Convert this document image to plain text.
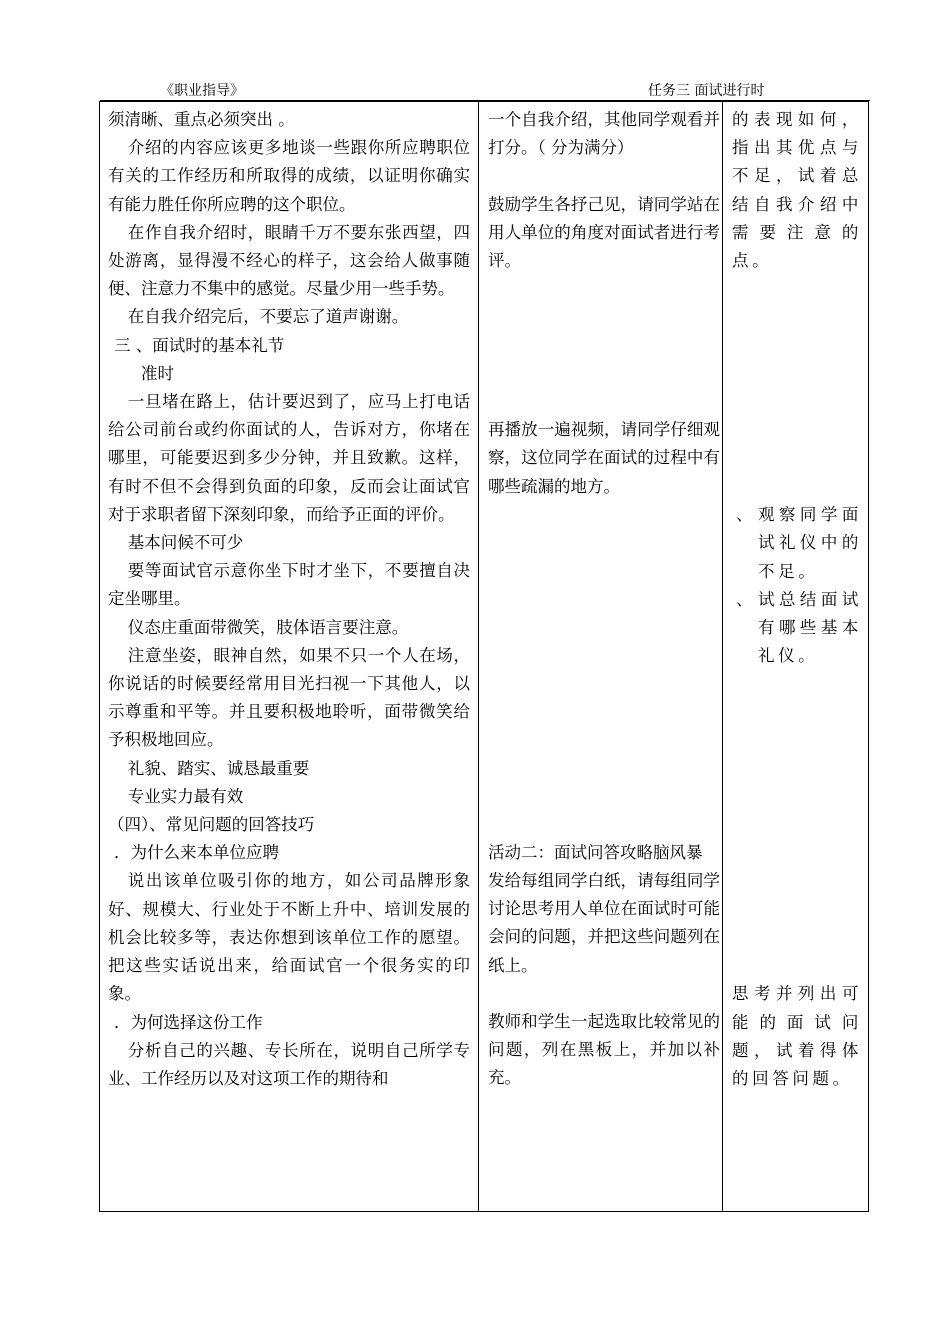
《职业指导》	任务三 面试进行时

须清晰、重点必须突出 。

介绍的内容应该更多地谈一些跟你所应聘职位有关的工作经历和所取得的成绩，以证明你确实有能力胜任你所应聘的这个职位。

在作自我介绍时，眼睛千万不要东张西望，四处游离，显得漫不经心的样子，这会给人做事随便、注意力不集中的感觉。尽量少用一些手势。

在自我介绍完后，不要忘了道声谢谢。

三 、面试时的基本礼节

准时

一旦堵在路上，估计要迟到了，应马上打电话给公司前台或约你面试的人，告诉对方，你堵在哪里，可能要迟到多少分钟，并且致歉。这样，有时不但不会得到负面的印象，反而会让面试官对于求职者留下深刻印象，而给予正面的评价。

基本问候不可少

要等面试官示意你坐下时才坐下，不要擅自决定坐哪里。

仪态庄重面带微笑，肢体语言要注意。

注意坐姿，眼神自然，如果不只一个人在场，你说话的时候要经常用目光扫视一下其他人，以示尊重和平等。并且要积极地聆听，面带微笑给予积极地回应。

礼貌、踏实、诚恳最重要

专业实力最有效

（四）、常见问题的回答技巧

．为什么来本单位应聘

说出该单位吸引你的地方，如公司品牌形象好、规模大、行业处于不断上升中、培训发展的机会比较多等，表达你想到该单位工作的愿望。把这些实话说出来，给面试官一个很务实的印象。

．为何选择这份工作

分析自己的兴趣、专长所在，说明自己所学专业、工作经历以及对这项工作的期待和

一个自我介绍，其他同学观看并打分。（ 分为满分）

鼓励学生各抒己见，请同学站在用人单位的角度对面试者进行考评。

再播放一遍视频，请同学仔细观察，这位同学在面试的过程中有哪些疏漏的地方。

活动二：面试问答攻略脑风暴

发给每组同学白纸，请每组同学讨论思考用人单位在面试时可能会问的问题，并把这些问题列在纸上。

教师和学生一起选取比较常见的问题，列在黑板上，并加以补充。

的表现如何，指出其优点与不足，试着总结自我介绍中需要注意的点。

、 观察同学面试礼仪中的不足。

、 试总结面试有哪些基本礼仪。

思考并列出可能的面试问题，试着得体的回答问题。
